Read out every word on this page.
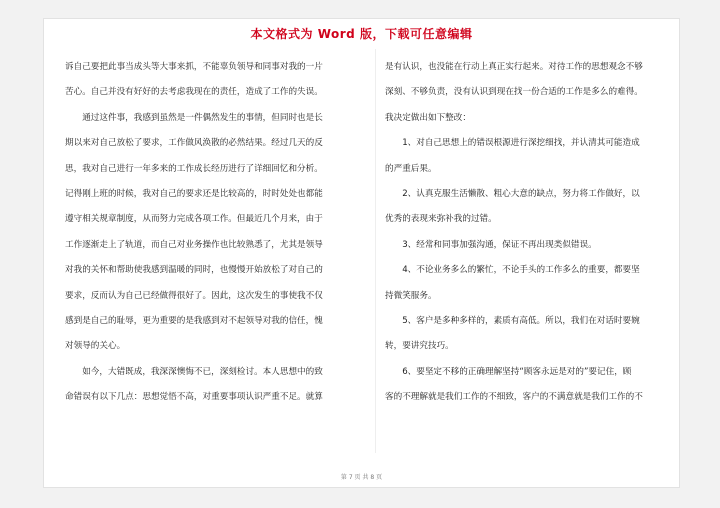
本文格式为 Word 版，下载可任意编辑
诉自己要把此事当成头等大事来抓，不能辜负领导和同事对我的一片
苦心。自己并没有好好的去考虑我现在的责任，造成了工作的失误。
　　通过这件事，我感到虽然是一件偶然发生的事情，但同时也是长
期以来对自己放松了要求，工作做风涣散的必然结果。经过几天的反
思，我对自己进行一年多来的工作成长经历进行了详细回忆和分析。
记得刚上班的时候，我对自己的要求还是比较高的，时时处处也都能
遵守相关规章制度，从而努力完成各项工作。但最近几个月来，由于
工作逐渐走上了轨道，而自己对业务操作也比较熟悉了，尤其是领导
对我的关怀和帮助使我感到温暖的同时，也慢慢开始放松了对自己的
要求，反而认为自己已经做得很好了。因此，这次发生的事使我不仅
感到是自己的耻辱，更为重要的是我感到对不起领导对我的信任，愧
对领导的关心。
　　如今，大错既成，我深深懊悔不已，深刻检讨。本人思想中的致
命错误有以下几点：思想觉悟不高，对重要事项认识严重不足。就算
是有认识，也没能在行动上真正实行起来。对待工作的思想观念不够
深刻、不够负责，没有认识到现在找一份合适的工作是多么的难得。
我决定做出如下整改：
　　1、对自己思想上的错误根源进行深挖细找，并认清其可能造成
的严重后果。
　　2、认真克服生活懒散、粗心大意的缺点，努力将工作做好，以
优秀的表现来弥补我的过错。
　　3、经常和同事加强沟通，保证不再出现类似错误。
　　4、不论业务多么的繁忙，不论手头的工作多么的重要，都要坚
持微笑服务。
　　5、客户是多种多样的，素质有高低。所以，我们在对话时要婉
转，要讲究技巧。
　　6、要坚定不移的正确理解坚持“顾客永远是对的”要记住，顾
客的不理解就是我们工作的不细致，客户的不满意就是我们工作的不
第 7 页 共 8 页
